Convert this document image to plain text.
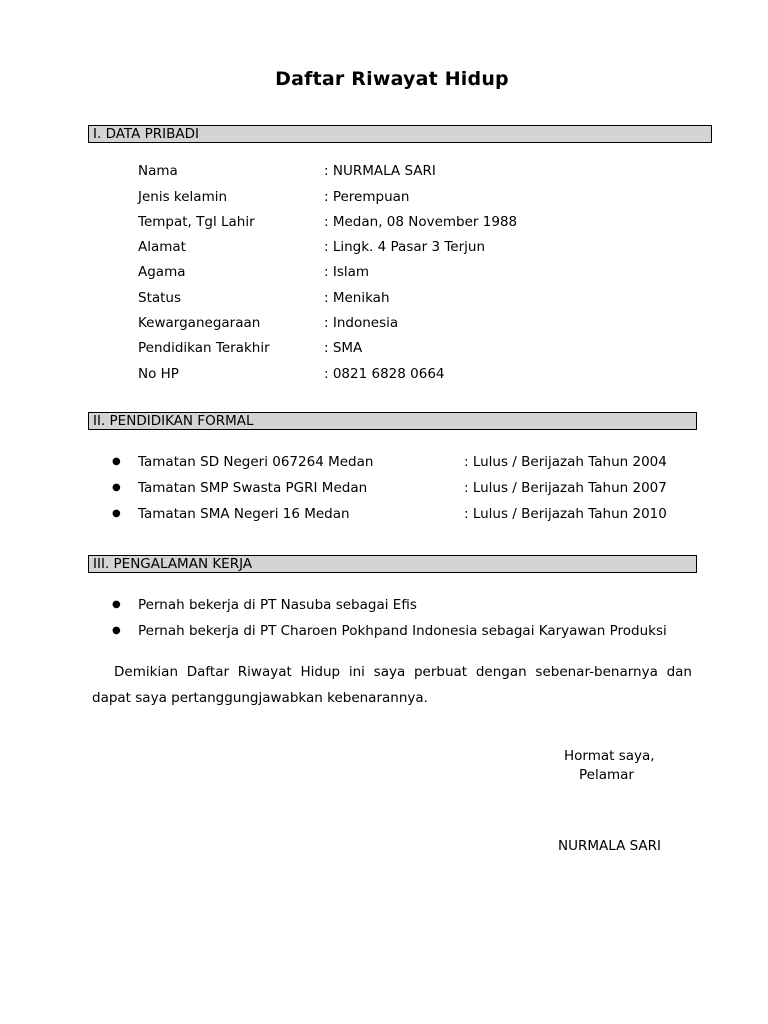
Daftar Riwayat Hidup
I. DATA PRIBADI
Nama	: NURMALA SARI
Jenis kelamin	: Perempuan
Tempat, Tgl Lahir	: Medan, 08 November 1988
Alamat	: Lingk. 4 Pasar 3 Terjun
Agama	: Islam
Status	: Menikah
Kewarganegaraan	: Indonesia
Pendidikan Terakhir	: SMA
No HP	: 0821 6828 0664
II. PENDIDIKAN FORMAL
● Tamatan SD Negeri 067264 Medan	: Lulus / Berijazah Tahun 2004
● Tamatan SMP Swasta PGRI Medan	: Lulus / Berijazah Tahun 2007
● Tamatan SMA Negeri 16 Medan	: Lulus / Berijazah Tahun 2010
III. PENGALAMAN KERJA
● Pernah bekerja di PT Nasuba sebagai Efis
● Pernah bekerja di PT Charoen Pokhpand Indonesia sebagai Karyawan Produksi
Demikian Daftar Riwayat Hidup ini saya perbuat dengan sebenar-benarnya dan dapat saya pertanggungjawabkan kebenarannya.
Hormat saya,
Pelamar
NURMALA SARI
